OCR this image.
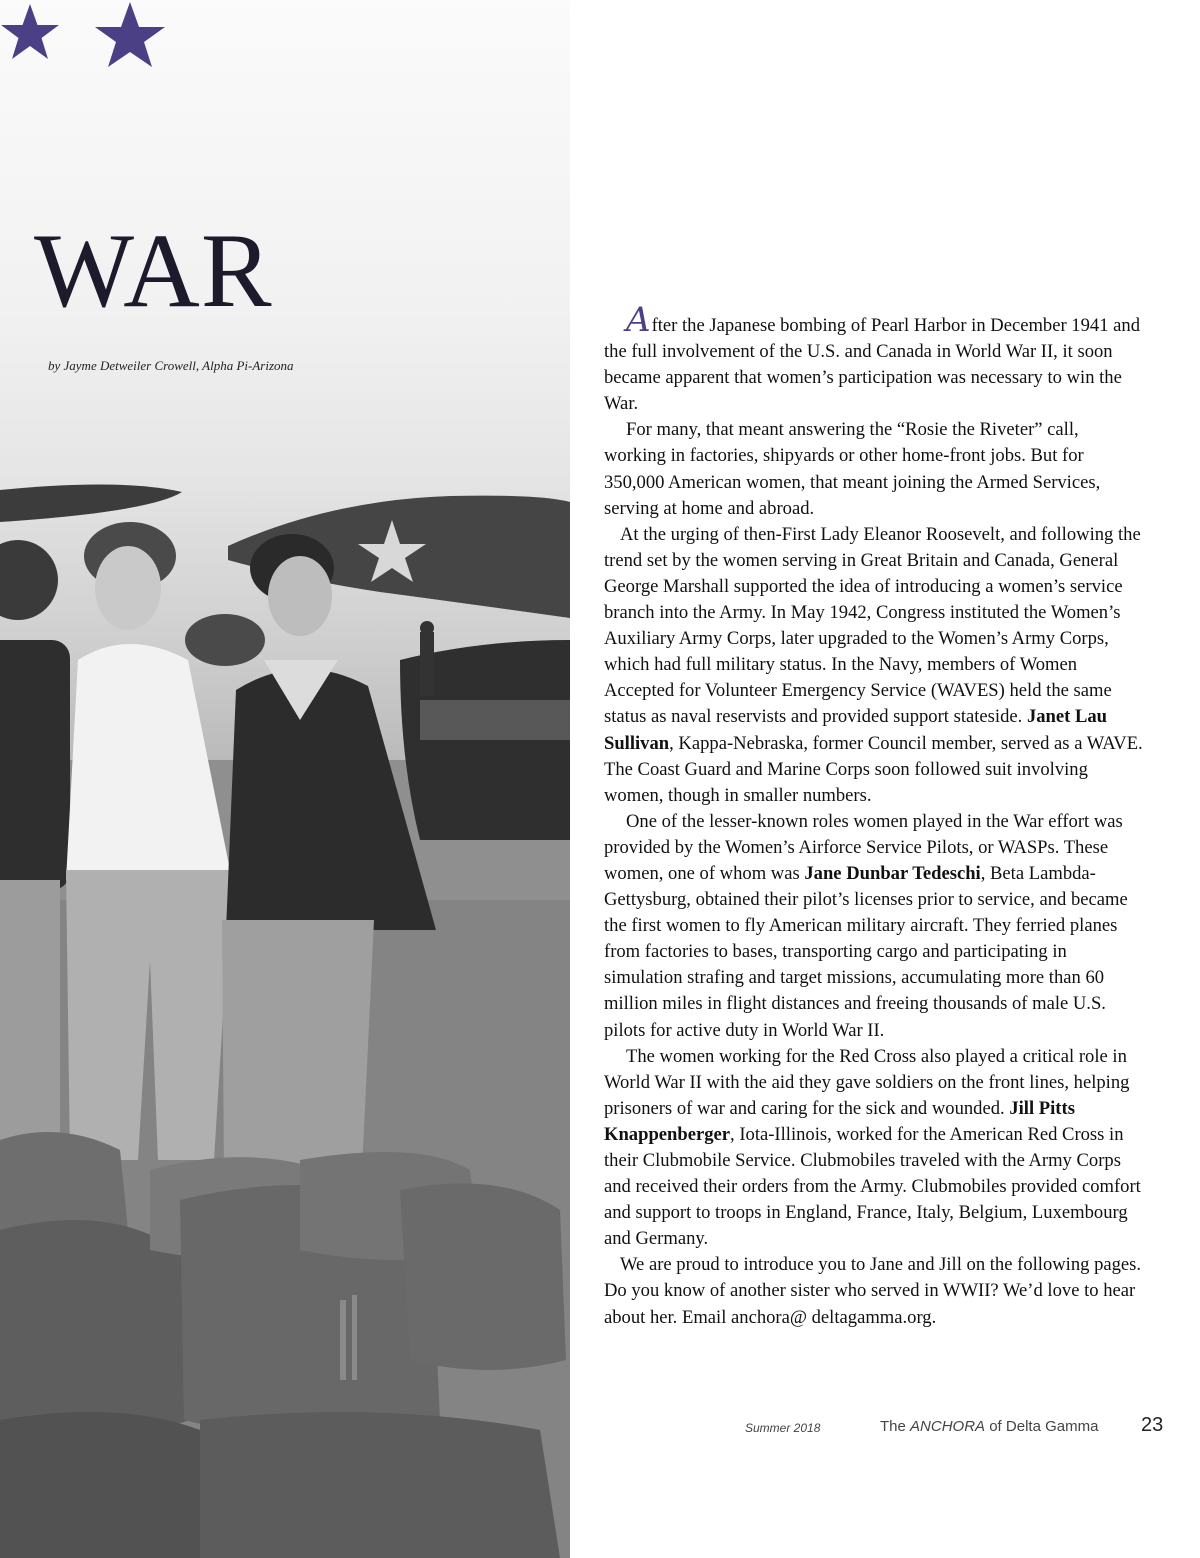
WAR

by Jayme Detweiler Crowell, Alpha Pi-Arizona

After the Japanese bombing of Pearl Harbor in December 1941 and the full involvement of the U.S. and Canada in World War II, it soon became apparent that women’s participation was necessary to win the War.

For many, that meant answering the “Rosie the Riveter” call, working in factories, shipyards or other home-front jobs. But for 350,000 American women, that meant joining the Armed Services, serving at home and abroad.

At the urging of then-First Lady Eleanor Roosevelt, and following the trend set by the women serving in Great Britain and Canada, General George Marshall supported the idea of introducing a women’s service branch into the Army. In May 1942, Congress instituted the Women’s Auxiliary Army Corps, later upgraded to the Women’s Army Corps, which had full military status. In the Navy, members of Women Accepted for Volunteer Emergency Service (WAVES) held the same status as naval reservists and provided support stateside. Janet Lau Sullivan, Kappa-Nebraska, former Council member, served as a WAVE. The Coast Guard and Marine Corps soon followed suit involving women, though in smaller numbers.

One of the lesser-known roles women played in the War effort was provided by the Women’s Airforce Service Pilots, or WASPs. These women, one of whom was Jane Dunbar Tedeschi, Beta Lambda-Gettysburg, obtained their pilot’s licenses prior to service, and became the first women to fly American military aircraft. They ferried planes from factories to bases, transporting cargo and participating in simulation strafing and target missions, accumulating more than 60 million miles in flight distances and freeing thousands of male U.S. pilots for active duty in World War II.

The women working for the Red Cross also played a critical role in World War II with the aid they gave soldiers on the front lines, helping prisoners of war and caring for the sick and wounded. Jill Pitts Knappenberger, Iota-Illinois, worked for the American Red Cross in their Clubmobile Service. Clubmobiles traveled with the Army Corps and received their orders from the Army. Clubmobiles provided comfort and support to troops in England, France, Italy, Belgium, Luxembourg and Germany.

We are proud to introduce you to Jane and Jill on the following pages. Do you know of another sister who served in WWII? We’d love to hear about her. Email anchora@ deltagamma.org.

Summer 2018	The ANCHORA of Delta Gamma 23
